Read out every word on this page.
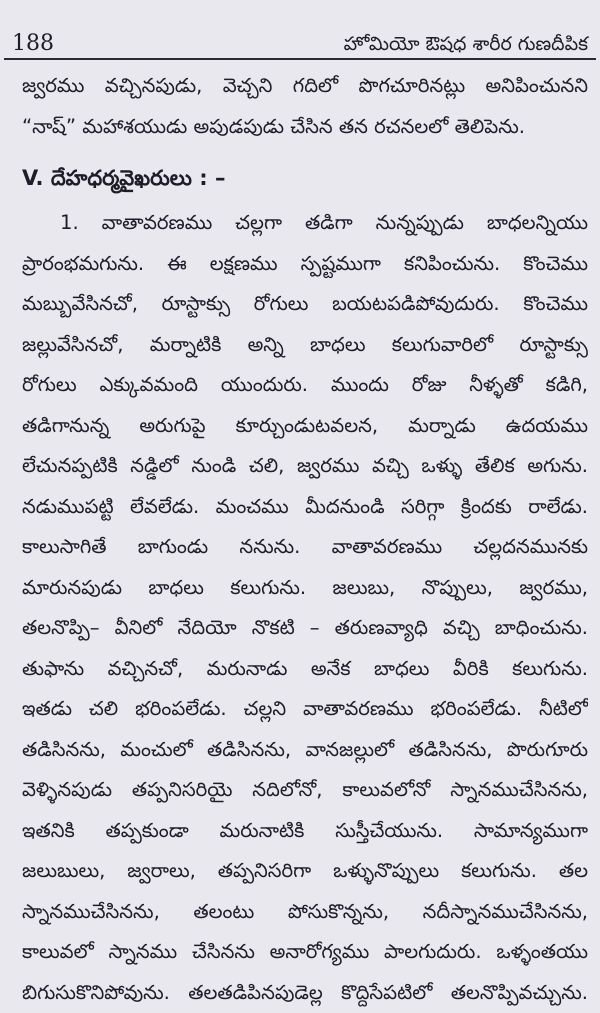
188	హోమియో ఔషధ శారీర గుణదీపిక
జ్వరము వచ్చినపుడు, వెచ్చని గదిలో పొగచూరినట్లు అనిపించునని
“నాష్” మహాశయుడు అపుడపుడు చేసిన తన రచనలలో తెలిపెను.
V. దేహధర్మవైఖరులు : –
1. వాతావరణము చల్లగా తడిగా నున్నప్పుడు బాధలన్నియు
ప్రారంభమగును. ఈ లక్షణము స్పష్టముగా కనిపించును. కొంచెము
మబ్బువేసినచో, రూస్టాక్సు రోగులు బయటపడిపోవుదురు. కొంచెము
జల్లువేసినచో, మర్నాటికి అన్ని బాధలు కలుగువారిలో రూస్టాక్సు
రోగులు ఎక్కువమంది యుందురు. ముందు రోజు నీళ్ళతో కడిగి,
తడిగానున్న అరుగుపై కూర్చుండుటవలన, మర్నాడు ఉదయము
లేచునప్పటికి నడ్డిలో నుండి చలి, జ్వరము వచ్చి ఒళ్ళు తేలిక అగును.
నడుముపట్టి లేవలేడు. మంచము మీదనుండి సరిగ్గా క్రిందకు రాలేడు.
కాలుసాగితే బాగుండు ననును. వాతావరణము చల్లదనమునకు
మారునపుడు బాధలు కలుగును. జలుబు, నొప్పులు, జ్వరము,
తలనొప్పి– వీనిలో నేదియో నొకటి – తరుణవ్యాధి వచ్చి బాధించును.
తుఫాను వచ్చినచో, మరునాడు అనేక బాధలు వీరికి కలుగును.
ఇతడు చలి భరింపలేడు. చల్లని వాతావరణము భరింపలేడు. నీటిలో
తడిసినను, మంచులో తడిసినను, వానజల్లులో తడిసినను, పొరుగూరు
వెళ్ళినపుడు తప్పనిసరియై నదిలోనో, కాలువలోనో స్నానముచేసినను,
ఇతనికి తప్పకుండా మరునాటికి సుస్తీచేయును. సామాన్యముగా
జలుబులు, జ్వరాలు, తప్పనిసరిగా ఒళ్ళునొప్పులు కలుగును. తల
స్నానముచేసినను, తలంటు పోసుకొన్నను, నదీస్నానముచేసినను,
కాలువలో స్నానము చేసినను అనారోగ్యము పాలగుదురు. ఒళ్ళంతయు
బిగుసుకొనిపోవును. తలతడిపినపుడెల్ల కొద్దిసేపటిలో తలనొప్పివచ్చును.
